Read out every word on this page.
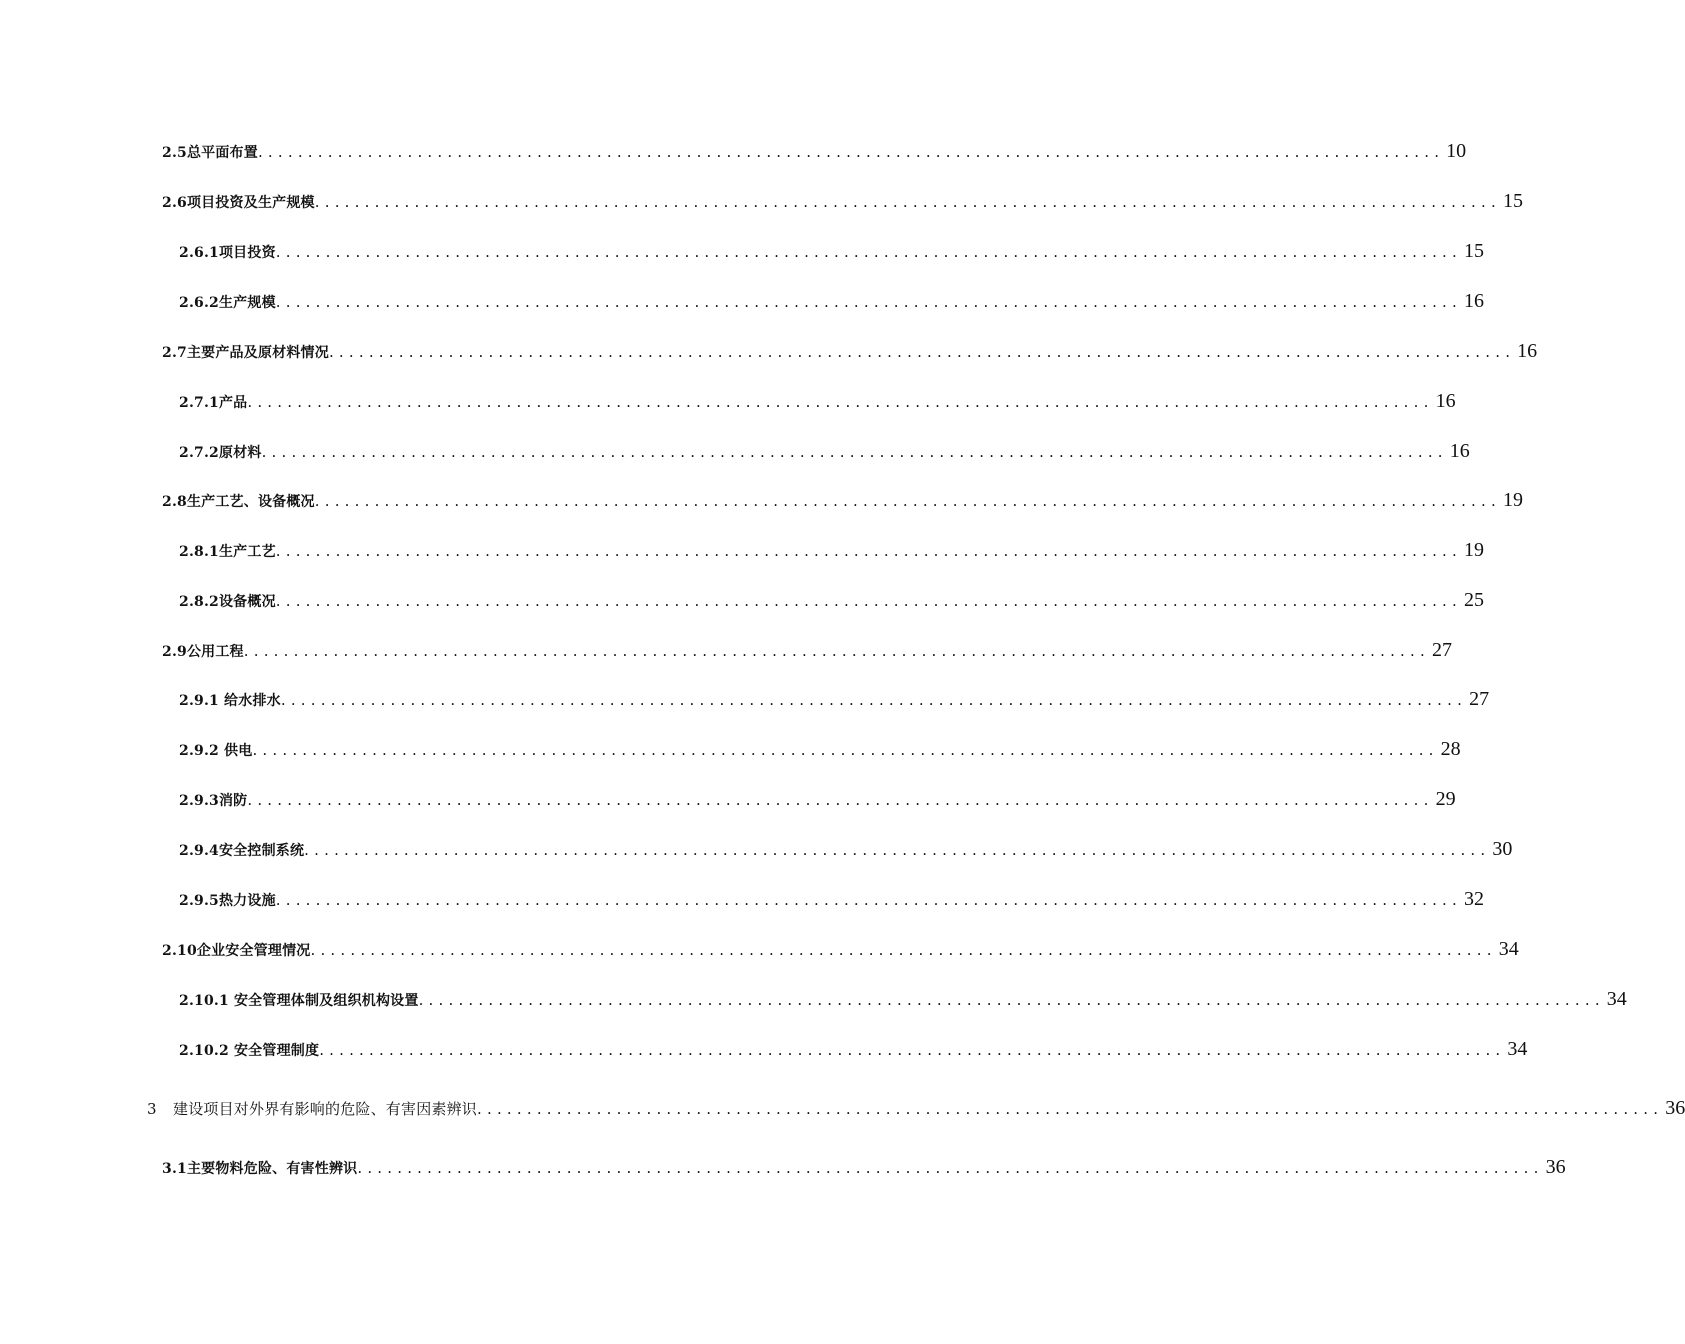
2.5总平面布置 ....................................................................................................................... 10
2.6项目投资及生产规模 ....................................................................................................................... 15
2.6.1项目投资 ....................................................................................................................... 15
2.6.2生产规模 ....................................................................................................................... 16
2.7主要产品及原材料情况 ....................................................................................................................... 16
2.7.1产品 ....................................................................................................................... 16
2.7.2原材料 ....................................................................................................................... 16
2.8生产工艺、设备概况 ....................................................................................................................... 19
2.8.1生产工艺 ....................................................................................................................... 19
2.8.2设备概况 ....................................................................................................................... 25
2.9公用工程 ....................................................................................................................... 27
2.9.1 给水排水 ....................................................................................................................... 27
2.9.2 供电 ....................................................................................................................... 28
2.9.3消防 ....................................................................................................................... 29
2.9.4安全控制系统 ....................................................................................................................... 30
2.9.5热力设施 ....................................................................................................................... 32
2.10企业安全管理情况 ....................................................................................................................... 34
2.10.1 安全管理体制及组织机构设置 ....................................................................................................................... 34
2.10.2 安全管理制度 ....................................................................................................................... 34
3 建设项目对外界有影响的危险、有害因素辨识 ....................................................................................................................... 36
3.1主要物料危险、有害性辨识 ....................................................................................................................... 36
